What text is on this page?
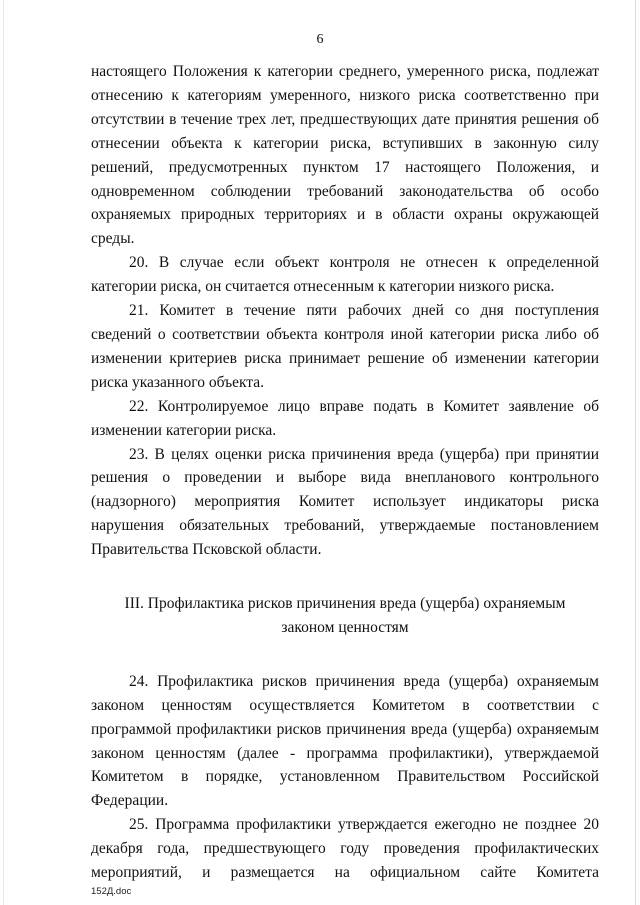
6

настоящего Положения к категории среднего, умеренного риска, подлежат отнесению к категориям умеренного, низкого риска соответственно при отсутствии в течение трех лет, предшествующих дате принятия решения об отнесении объекта к категории риска, вступивших в законную силу решений, предусмотренных пунктом 17 настоящего Положения, и одновременном соблюдении требований законодательства об особо охраняемых природных территориях и в области охраны окружающей среды.

20. В случае если объект контроля не отнесен к определенной категории риска, он считается отнесенным к категории низкого риска.

21. Комитет в течение пяти рабочих дней со дня поступления сведений о соответствии объекта контроля иной категории риска либо об изменении критериев риска принимает решение об изменении категории риска указанного объекта.

22. Контролируемое лицо вправе подать в Комитет заявление об изменении категории риска.

23. В целях оценки риска причинения вреда (ущерба) при принятии решения о проведении и выборе вида внепланового контрольного (надзорного) мероприятия Комитет использует индикаторы риска нарушения обязательных требований, утверждаемые постановлением Правительства Псковской области.

III. Профилактика рисков причинения вреда (ущерба) охраняемым
законом ценностям

24. Профилактика рисков причинения вреда (ущерба) охраняемым законом ценностям осуществляется Комитетом в соответствии с программой профилактики рисков причинения вреда (ущерба) охраняемым законом ценностям (далее - программа профилактики), утверждаемой Комитетом в порядке, установленном Правительством Российской Федерации.

25. Программа профилактики утверждается ежегодно не позднее 20 декабря года, предшествующего году проведения профилактических мероприятий, и размещается на официальном сайте Комитета

152Д.doc
